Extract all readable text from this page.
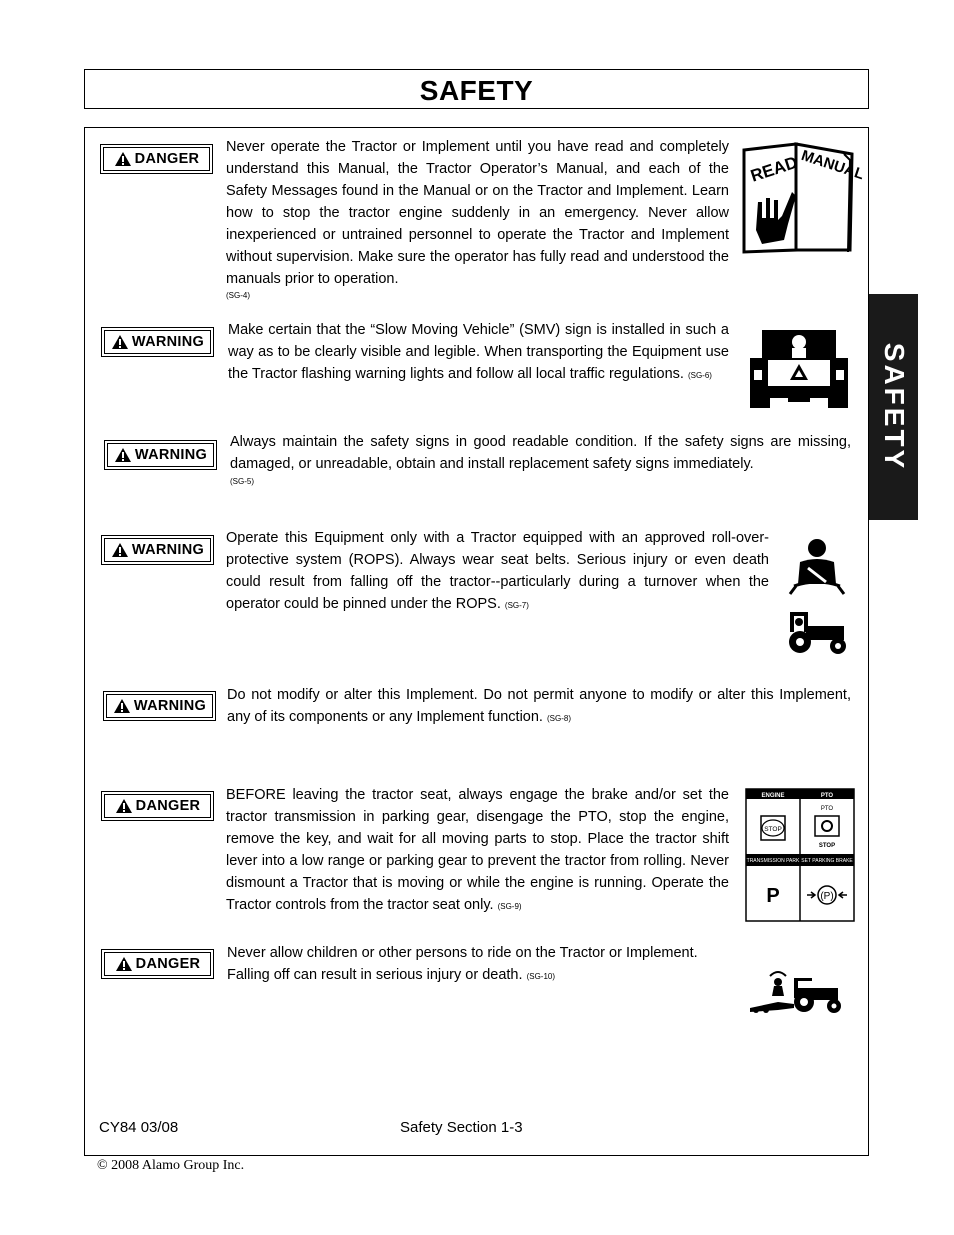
SAFETY
SAFETY
DANGER
Never operate the Tractor or Implement until you have read and completely understand this Manual, the Tractor Operator’s Manual, and each of the Safety Messages found in the Manual or on the Tractor and Implement. Learn how to stop the tractor engine suddenly in an emergency. Never allow inexperienced or untrained personnel to operate the Tractor and Implement without supervision. Make sure the operator has fully read and understood the manuals prior to operation.
(SG-4)
READ MANUAL
WARNING
Make certain that the “Slow Moving Vehicle” (SMV) sign is installed in such a way as to be clearly visible and legible. When transporting the Equipment use the Tractor flashing warning lights and follow all local traffic regulations. (SG-6)
WARNING
Always maintain the safety signs in good readable condition. If the safety signs are missing, damaged, or unreadable, obtain and install replacement safety signs immediately.
(SG-5)
WARNING
Operate this Equipment only with a Tractor equipped with an approved roll-over-protective system (ROPS). Always wear seat belts. Serious injury or even death could result from falling off the tractor--particularly during a turnover when the operator could be pinned under the ROPS. (SG-7)
WARNING
Do not modify or alter this Implement. Do not permit anyone to modify or alter this Implement, any of its components or any Implement function. (SG-8)
DANGER
BEFORE leaving the tractor seat, always engage the brake and/or set the tractor transmission in parking gear, disengage the PTO, stop the engine, remove the key, and wait for all moving parts to stop. Place the tractor shift lever into a low range or parking gear to prevent the tractor from rolling. Never dismount a Tractor that is moving or while the engine is running. Operate the Tractor controls from the tractor seat only. (SG-9)
ENGINE	PTO
STOP
PTO
STOP
TRANSMISSION PARK SET PARKING BRAKE
P	(P)
DANGER
Never allow children or other persons to ride on the Tractor or Implement. Falling off can result in serious injury or death. (SG-10)
CY84 03/08	Safety Section 1-3
© 2008 Alamo Group Inc.
